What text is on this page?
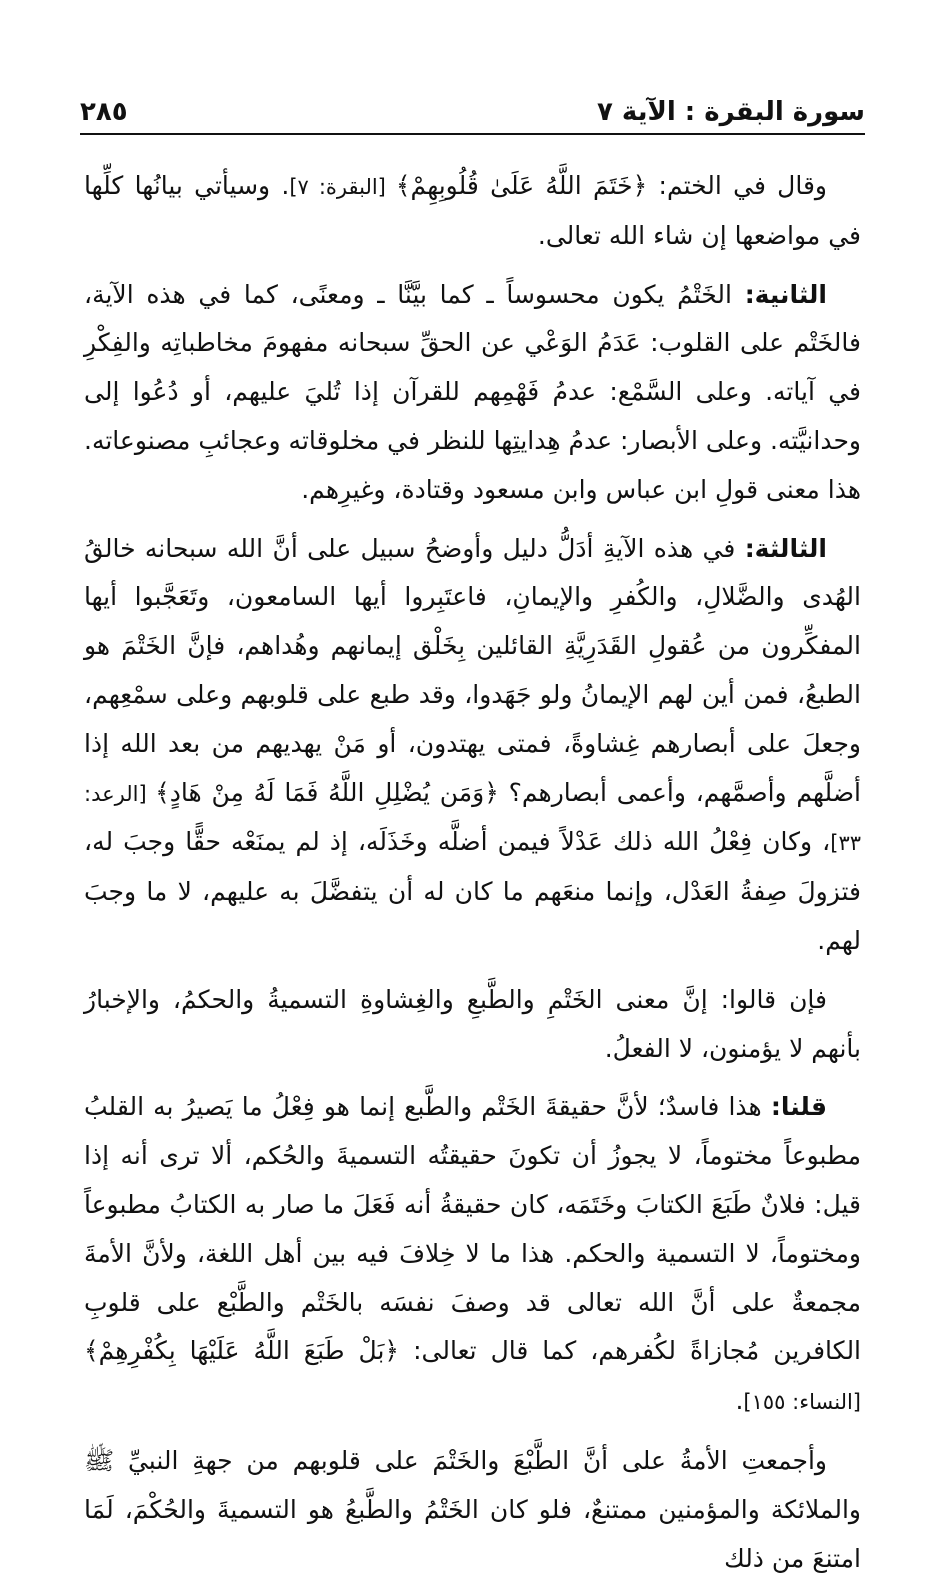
سورة البقرة : الآية ٧
٢٨٥

وقال في الختم: ﴿خَتَمَ اللَّهُ عَلَىٰ قُلُوبِهِمْ﴾ [البقرة: ٧]. وسيأتي بيانُها كلِّها في مواضعها إن شاء الله تعالى.

الثانية: الخَتْمُ يكون محسوساً ـ كما بيَّنَّا ـ ومعنًى، كما في هذه الآية، فالخَتْم على القلوب: عَدَمُ الوَعْي عن الحقِّ سبحانه مفهومَ مخاطباتِه والفِكْرِ في آياته. وعلى السَّمْع: عدمُ فَهْمِهم للقرآن إذا تُليَ عليهم، أو دُعُوا إلى وحدانيَّته. وعلى الأبصار: عدمُ هِدايتِها للنظر في مخلوقاته وعجائبِ مصنوعاته. هذا معنى قولِ ابن عباس وابن مسعود وقتادة، وغيرِهم.

الثالثة: في هذه الآيةِ أدَلُّ دليل وأوضحُ سبيل على أنَّ الله سبحانه خالقُ الهُدى والضَّلالِ، والكُفرِ والإيمانِ، فاعتَبِروا أيها السامعون، وتَعَجَّبوا أيها المفكِّرون من عُقولِ القَدَرِيَّةِ القائلين بِخَلْق إيمانهم وهُداهم، فإنَّ الخَتْمَ هو الطبعُ، فمن أين لهم الإيمانُ ولو جَهَدوا، وقد طبع على قلوبهم وعلى سمْعِهم، وجعلَ على أبصارهم غِشاوةً، فمتى يهتدون، أو مَنْ يهديهم من بعد الله إذا أضلَّهم وأصمَّهم، وأعمى أبصارهم؟ ﴿وَمَن يُضْلِلِ اللَّهُ فَمَا لَهُ مِنْ هَادٍ﴾ [الرعد: ٣٣]، وكان فِعْلُ الله ذلك عَدْلاً فيمن أضلَّه وخَذَلَه، إذ لم يمنَعْه حقًّا وجبَ له، فتزولَ صِفةُ العَدْل، وإنما منعَهم ما كان له أن يتفضَّلَ به عليهم، لا ما وجبَ لهم.

فإن قالوا: إنَّ معنى الخَتْمِ والطَّبعِ والغِشاوةِ التسميةُ والحكمُ، والإخبارُ بأنهم لا يؤمنون، لا الفعلُ.

قلنا: هذا فاسدٌ؛ لأنَّ حقيقةَ الخَتْم والطَّبع إنما هو فِعْلُ ما يَصيرُ به القلبُ مطبوعاً مختوماً، لا يجوزُ أن تكونَ حقيقتُه التسميةَ والحُكم، ألا ترى أنه إذا قيل: فلانٌ طَبَعَ الكتابَ وخَتَمَه، كان حقيقةُ أنه فَعَلَ ما صار به الكتابُ مطبوعاً ومختوماً، لا التسمية والحكم. هذا ما لا خِلافَ فيه بين أهل اللغة، ولأنَّ الأمةَ مجمعةٌ على أنَّ الله تعالى قد وصفَ نفسَه بالخَتْم والطَّبْع على قلوبِ الكافرين مُجازاةً لكُفرهم، كما قال تعالى: ﴿بَلْ طَبَعَ اللَّهُ عَلَيْهَا بِكُفْرِهِمْ﴾ [النساء: ١٥٥].

وأجمعتِ الأمةُ على أنَّ الطَّبْعَ والخَتْمَ على قلوبهم من جهةِ النبيِّ ﷺ والملائكة والمؤمنين ممتنعٌ، فلو كان الخَتْمُ والطَّبعُ هو التسميةَ والحُكْمَ، لَمَا امتنعَ من ذلك
